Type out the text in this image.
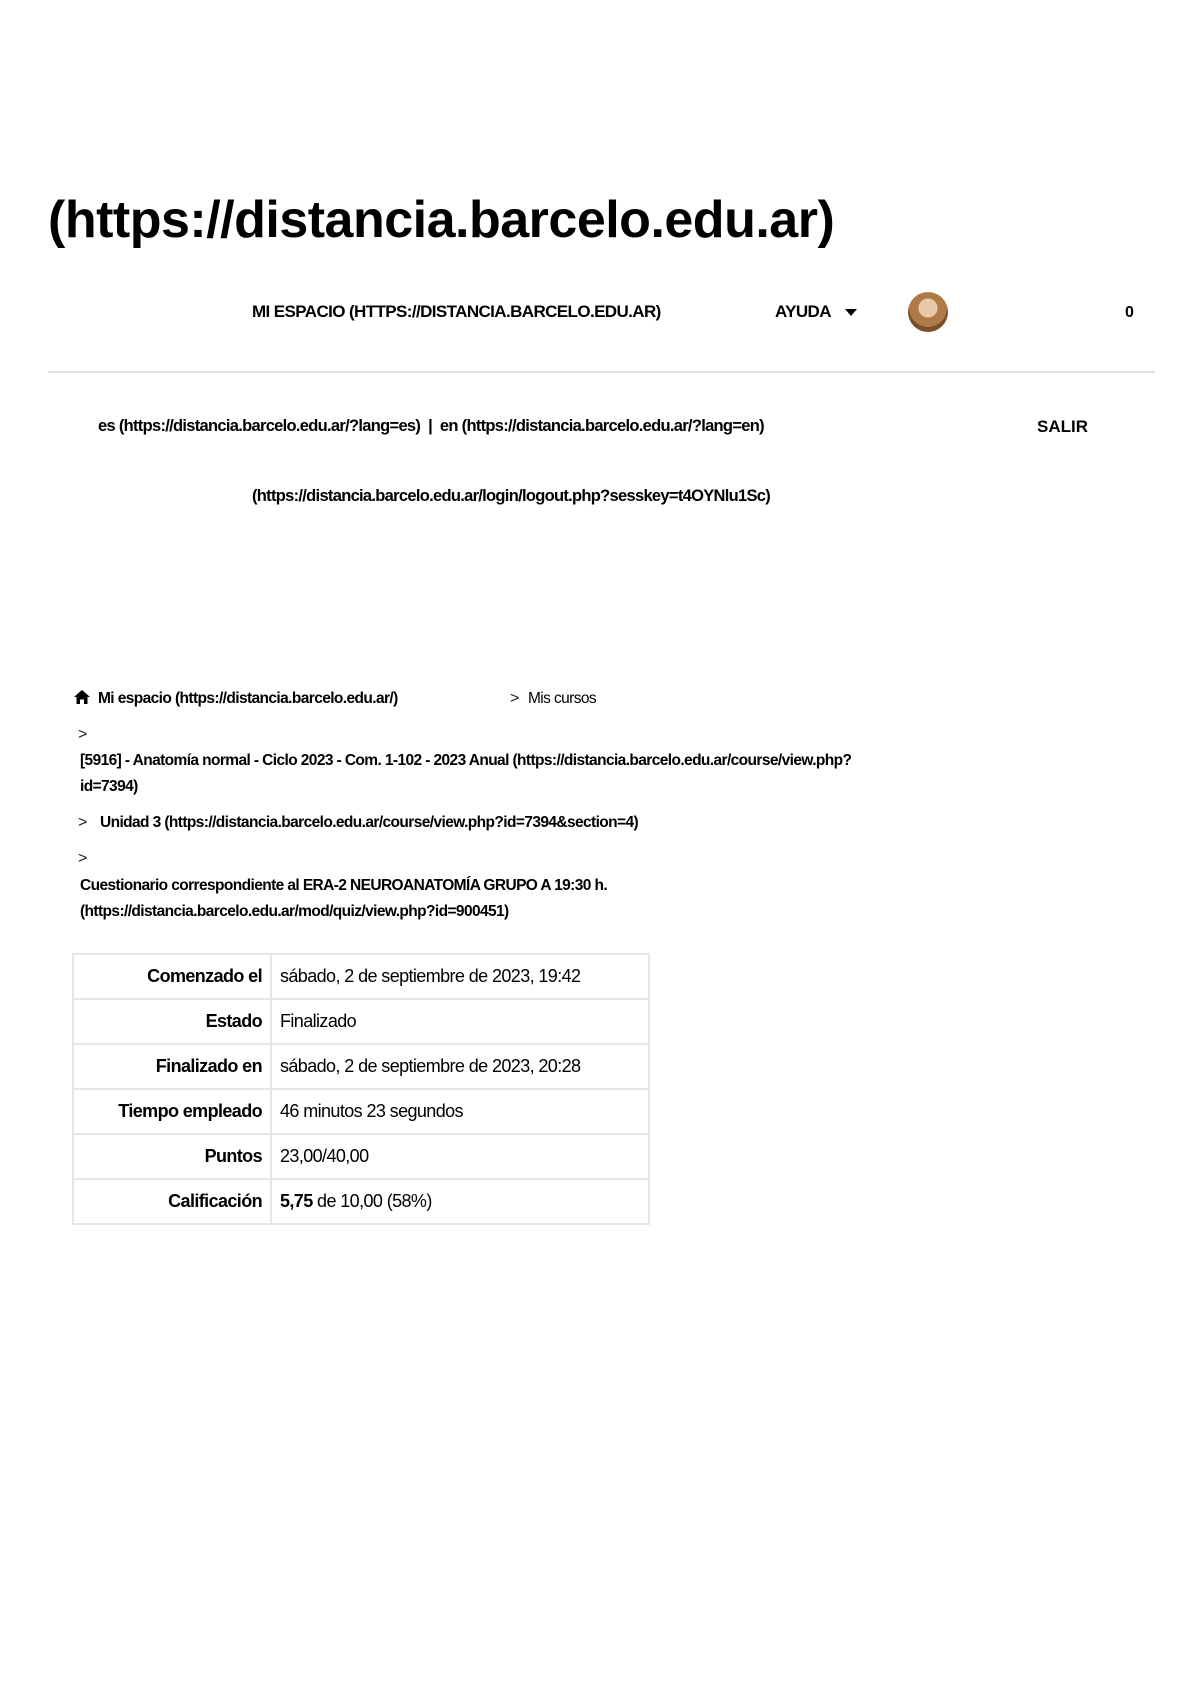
(https://distancia.barcelo.edu.ar)
MI ESPACIO (HTTPS://DISTANCIA.BARCELO.EDU.AR)	AYUDA	0
es (https://distancia.barcelo.edu.ar/?lang=es) | en (https://distancia.barcelo.edu.ar/?lang=en)	SALIR
(https://distancia.barcelo.edu.ar/login/logout.php?sesskey=t4OYNlu1Sc)
Mi espacio (https://distancia.barcelo.edu.ar/)	> Mis cursos
>
[5916] - Anatomía normal - Ciclo 2023 - Com. 1-102 - 2023 Anual (https://distancia.barcelo.edu.ar/course/view.php?
id=7394)
> Unidad 3 (https://distancia.barcelo.edu.ar/course/view.php?id=7394&section=4)
>
Cuestionario correspondiente al ERA-2 NEUROANATOMÍA GRUPO A 19:30 h.
(https://distancia.barcelo.edu.ar/mod/quiz/view.php?id=900451)
Comenzado el	sábado, 2 de septiembre de 2023, 19:42
Estado	Finalizado
Finalizado en	sábado, 2 de septiembre de 2023, 20:28
Tiempo empleado	46 minutos 23 segundos
Puntos	23,00/40,00
Calificación	5,75 de 10,00 (58%)
